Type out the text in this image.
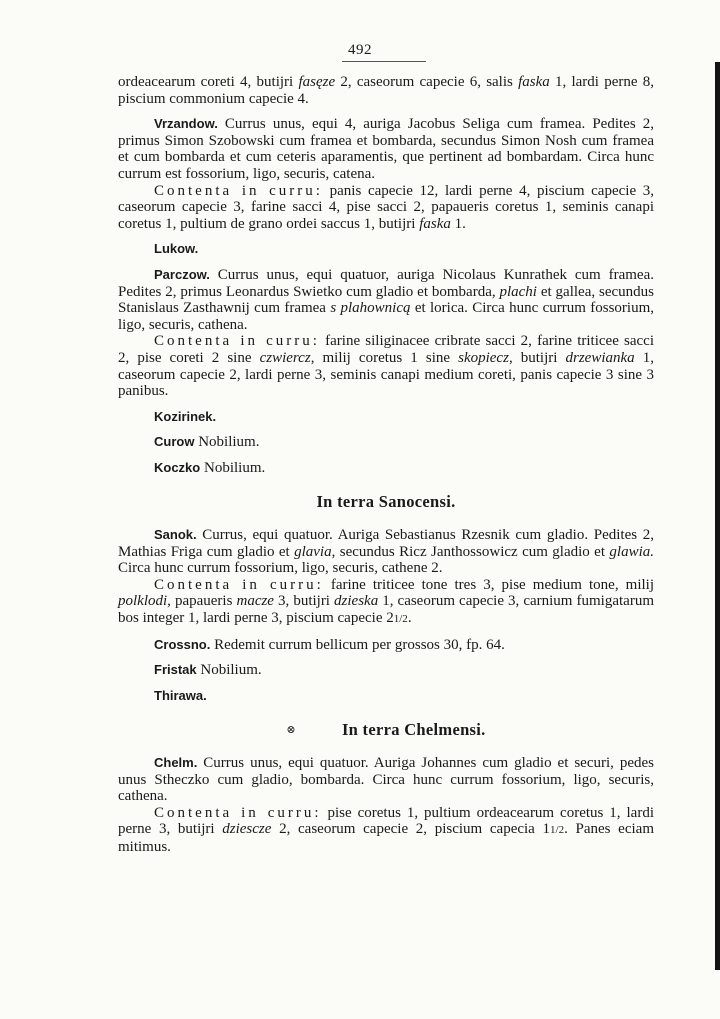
492

ordeacearum coreti 4, butijri fasęze 2, caseorum capecie 6, salis faska 1, lardi perne 8, piscium commonium capecie 4.

Vrzandow. Currus unus, equi 4, auriga Jacobus Seliga cum framea. Pedites 2, primus Simon Szobowski cum framea et bombarda, secundus Simon Nosh cum framea et cum bombarda et cum ceteris aparamentis, que pertinent ad bombardam. Circa hunc currum est fossorium, ligo, securis, catena.

Contenta in curru: panis capecie 12, lardi perne 4, piscium capecie 3, caseorum capecie 3, farine sacci 4, pise sacci 2, papaueris coretus 1, seminis canapi coretus 1, pultium de grano ordei saccus 1, butijri faska 1.

Lukow.

Parczow. Currus unus, equi quatuor, auriga Nicolaus Kunrathek cum framea. Pedites 2, primus Leonardus Swietko cum gladio et bombarda, plachi et gallea, secundus Stanislaus Zasthawnij cum framea s plahownicą et lorica. Circa hunc currum fossorium, ligo, securis, cathena.

Contenta in curru: farine siliginacee cribrate sacci 2, farine triticee sacci 2, pise coreti 2 sine czwiercz, milij coretus 1 sine skopiecz, butijri drzewianka 1, caseorum capecie 2, lardi perne 3, seminis canapi medium coreti, panis capecie 3 sine 3 panibus.

Kozirinek.

Curow Nobilium.

Koczko Nobilium.

In terra Sanocensi.

Sanok. Currus, equi quatuor. Auriga Sebastianus Rzesnik cum gladio. Pedites 2, Mathias Friga cum gladio et glavia, secundus Ricz Janthossowicz cum gladio et glawia. Circa hunc currum fossorium, ligo, securis, cathene 2.

Contenta in curru: farine triticee tone tres 3, pise medium tone, milij polklodi, papaueris macze 3, butijri dzieska 1, caseorum capecie 3, carnium fumigatarum bos integer 1, lardi perne 3, piscium capecie 21/2.

Crossno. Redemit currum bellicum per grossos 30, fp. 64.

Fristak Nobilium.

Thirawa.

⊗	In terra Chelmensi.

Chelm. Currus unus, equi quatuor. Auriga Johannes cum gladio et securi, pedes unus Stheczko cum gladio, bombarda. Circa hunc currum fossorium, ligo, securis, cathena.

Contenta in curru: pise coretus 1, pultium ordeacearum coretus 1, lardi perne 3, butijri dziescze 2, caseorum capecie 2, piscium capecia 11/2. Panes eciam mitimus.
